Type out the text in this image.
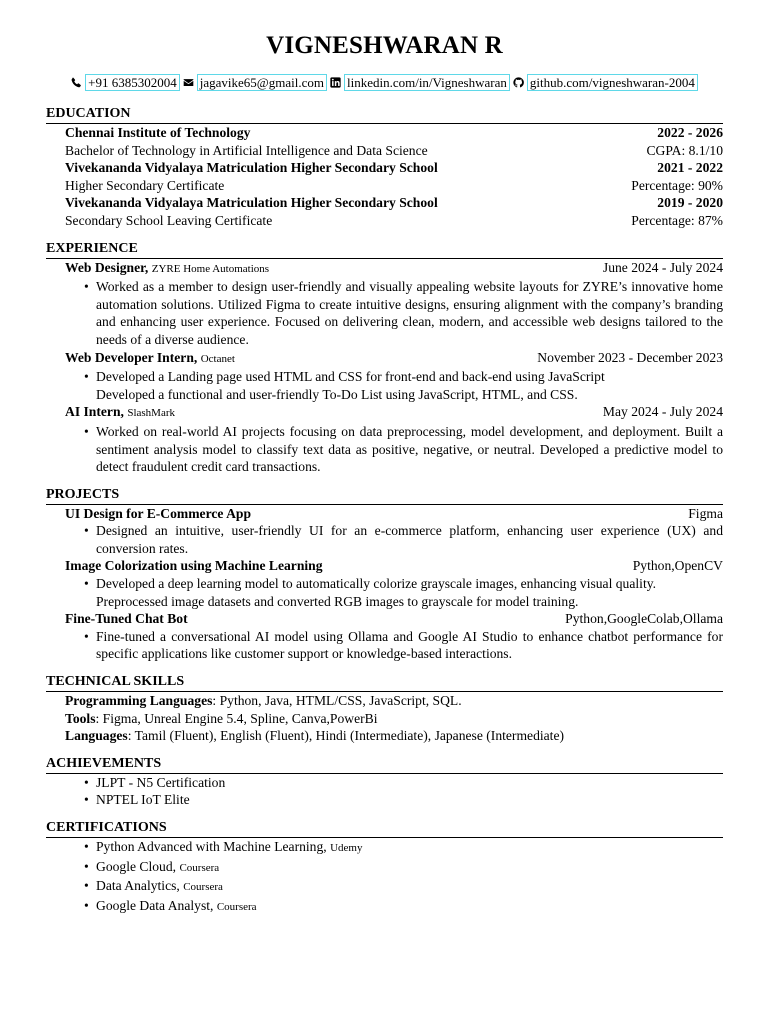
VIGNESHWARAN R
+91 6385302004 jagavike65@gmail.com linkedin.com/in/Vigneshwaran github.com/vigneshwaran-2004
EDUCATION
Chennai Institute of Technology	2022 - 2026
Bachelor of Technology in Artificial Intelligence and Data Science	CGPA: 8.1/10
Vivekananda Vidyalaya Matriculation Higher Secondary School	2021 - 2022
Higher Secondary Certificate	Percentage: 90%
Vivekananda Vidyalaya Matriculation Higher Secondary School	2019 - 2020
Secondary School Leaving Certificate	Percentage: 87%
EXPERIENCE
Web Designer, ZYRE Home Automations	June 2024 - July 2024
• Worked as a member to design user-friendly and visually appealing website layouts for ZYRE’s innovative home automation solutions. Utilized Figma to create intuitive designs, ensuring alignment with the company’s branding and enhancing user experience. Focused on delivering clean, modern, and accessible web designs tailored to the needs of a diverse audience.
Web Developer Intern, Octanet	November 2023 - December 2023
• Developed a Landing page used HTML and CSS for front-end and back-end using JavaScript
Developed a functional and user-friendly To-Do List using JavaScript, HTML, and CSS.
AI Intern, SlashMark	May 2024 - July 2024
• Worked on real-world AI projects focusing on data preprocessing, model development, and deployment. Built a sentiment analysis model to classify text data as positive, negative, or neutral. Developed a predictive model to detect fraudulent credit card transactions.
PROJECTS
UI Design for E-Commerce App	Figma
• Designed an intuitive, user-friendly UI for an e-commerce platform, enhancing user experience (UX) and conversion rates.
Image Colorization using Machine Learning	Python,OpenCV
• Developed a deep learning model to automatically colorize grayscale images, enhancing visual quality.
Preprocessed image datasets and converted RGB images to grayscale for model training.
Fine-Tuned Chat Bot	Python,GoogleColab,Ollama
• Fine-tuned a conversational AI model using Ollama and Google AI Studio to enhance chatbot performance for specific applications like customer support or knowledge-based interactions.
TECHNICAL SKILLS
Programming Languages: Python, Java, HTML/CSS, JavaScript, SQL.
Tools: Figma, Unreal Engine 5.4, Spline, Canva,PowerBi
Languages: Tamil (Fluent), English (Fluent), Hindi (Intermediate), Japanese (Intermediate)
ACHIEVEMENTS
• JLPT - N5 Certification
• NPTEL IoT Elite
CERTIFICATIONS
• Python Advanced with Machine Learning, Udemy
• Google Cloud, Coursera
• Data Analytics, Coursera
• Google Data Analyst, Coursera
